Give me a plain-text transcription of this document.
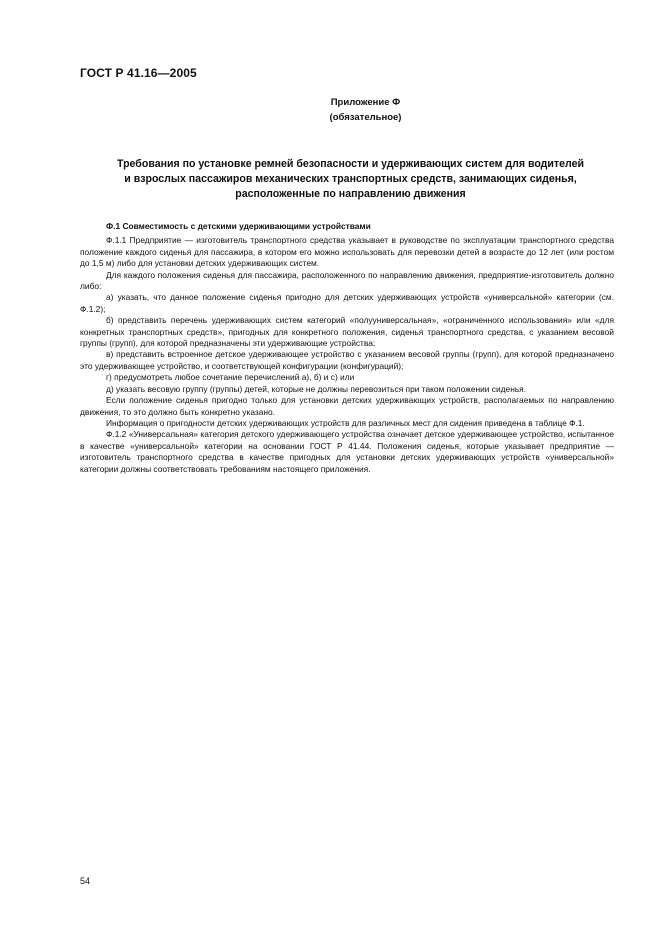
ГОСТ Р 41.16—2005
Приложение Ф
(обязательное)
Требования по установке ремней безопасности и удерживающих систем для водителей
и взрослых пассажиров механических транспортных средств, занимающих сиденья,
расположенные по направлению движения

Ф.1 Совместимость с детскими удерживающими устройствами

Ф.1.1 Предприятие — изготовитель транспортного средства указывает в руководстве по эксплуатации транспортного средства положение каждого сиденья для пассажира, в котором его можно использовать для перевозки детей в возрасте до 12 лет (или ростом до 1,5 м) либо для установки детских удерживающих систем.

Для каждого положения сиденья для пассажира, расположенного по направлению движения, предприятие-изготовитель должно либо:

а) указать, что данное положение сиденья пригодно для детских удерживающих устройств «универсальной» категории (см. Ф.1.2);

б) представить перечень удерживающих систем категорий «полууниверсальная», «ограниченного использования» или «для конкретных транспортных средств», пригодных для конкретного положения, сиденья транспортного средства, с указанием весовой группы (групп), для которой предназначены эти удерживающие устройства;

в) представить встроенное детское удерживающее устройство с указанием весовой группы (групп), для которой предназначено это удерживающее устройство, и соответствующей конфигурации (конфигураций);

г) предусмотреть любое сочетание перечислений а), б) и с) или

д) указать весовую группу (группы) детей, которые не должны перевозиться при таком положении сиденья.

Если положение сиденья пригодно только для установки детских удерживающих устройств, располагаемых по направлению движения, то это должно быть конкретно указано.

Информация о пригодности детских удерживающих устройств для различных мест для сидения приведена в таблице Ф.1.

Ф.1.2 «Универсальная» категория детского удерживающего устройства означает детское удерживающее устройство, испытанное в качестве «универсальной» категории на основании ГОСТ Р 41.44. Положения сиденья, которые указывает предприятие — изготовитель транспортного средства в качестве пригодных для установки детских удерживающих устройств «универсальной» категории должны соответствовать требованиям настоящего приложения.

54
